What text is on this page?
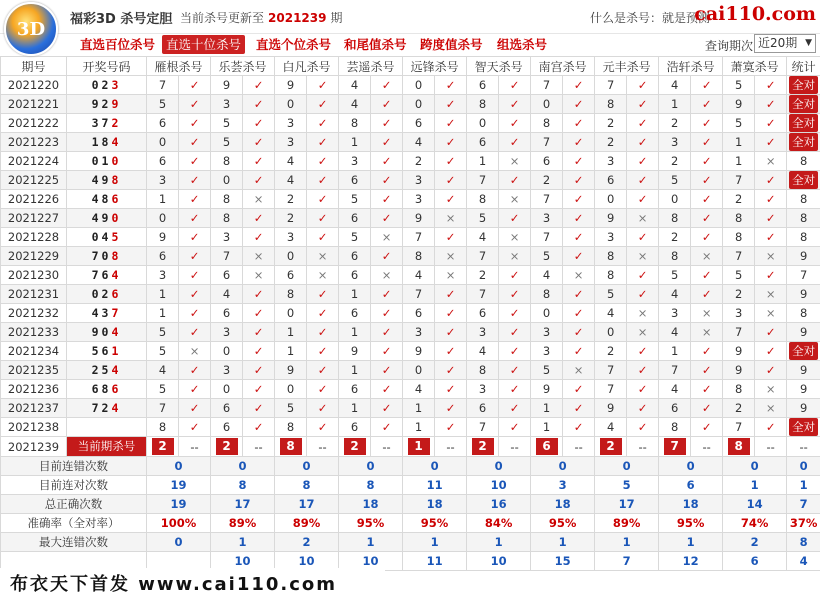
3D	福彩3D 杀号定胆 当前杀号更新至 2021239 期	什么是杀号：就是预测
cai110.com
直选百位杀号 直选十位杀号	直选个位杀号	和尾值杀号	跨度值杀号	组选杀号	查询期次 近20期 ▼
期号	开奖号码	雁根杀号		乐荟杀号		白凡杀号		芸遥杀号		远锋杀号		智天杀号		南宫杀号		元丰杀号		浩轩杀号		萧寞杀号		统计
2021220	023	7	✓	9	✓	9	✓	4	✓	0	✓	6	✓	7	✓	7	✓	4	✓	5	✓	全对
2021221	929	5	✓	3	✓	0	✓	4	✓	0	✓	8	✓	0	✓	8	✓	1	✓	9	✓	全对
2021222	372	6	✓	5	✓	3	✓	8	✓	6	✓	0	✓	8	✓	2	✓	2	✓	5	✓	全对
2021223	184	0	✓	5	✓	3	✓	1	✓	4	✓	6	✓	7	✓	2	✓	3	✓	1	✓	全对
2021224	010	6	✓	8	✓	4	✓	3	✓	2	✓	1	×	6	✓	3	✓	2	✓	1	×	8
2021225	498	3	✓	0	✓	4	✓	6	✓	3	✓	7	✓	2	✓	6	✓	5	✓	7	✓	全对
2021226	486	1	✓	8	×	2	✓	5	✓	3	✓	8	×	7	✓	0	✓	0	✓	2	✓	8
2021227	490	0	✓	8	✓	2	✓	6	✓	9	×	5	✓	3	✓	9	×	8	✓	8	✓	8
2021228	045	9	✓	3	✓	3	✓	5	×	7	✓	4	×	7	✓	3	✓	2	✓	8	✓	8
2021229	708	6	✓	7	×	0	×	6	✓	8	×	7	×	5	✓	8	×	8	×	7	×	9
2021230	764	3	✓	6	×	6	×	6	×	4	×	2	✓	4	×	8	✓	5	✓	5	✓	7
2021231	026	1	✓	4	✓	8	✓	1	✓	7	✓	7	✓	8	✓	5	✓	4	✓	2	×	9
2021232	437	1	✓	6	✓	0	✓	6	✓	6	✓	6	✓	0	✓	4	×	3	×	3	×	8
2021233	904	5	✓	3	✓	1	✓	1	✓	3	✓	3	✓	3	✓	0	×	4	×	7	✓	9
2021234	561	5	×	0	✓	1	✓	9	✓	9	✓	4	✓	3	✓	2	✓	1	✓	9	✓	全对
2021235	254	4	✓	3	✓	9	✓	1	✓	0	✓	8	✓	5	×	7	✓	7	✓	9	✓	9
2021236	686	5	✓	0	✓	0	✓	6	✓	4	✓	3	✓	9	✓	7	✓	4	✓	8	×	9
2021237	724	7	✓	6	✓	5	✓	1	✓	1	✓	6	✓	1	✓	9	✓	6	✓	2	×	9
2021238		8	✓	6	✓	8	✓	6	✓	1	✓	7	✓	1	✓	4	✓	8	✓	7	✓	全对
2021239	当前期杀号	2	--	2	--	8	--	2	--	1	--	2	--	6	--	2	--	7	--	8	--	--
目前连错次数		0		0		0		0		0		0		0		0		0		0		0
目前连对次数		19		8		8		8		11		10		3		5		6		1		1
总正确次数		19		17		17		18		18		16		18		17		18		14		7
准确率（全对率）		100%		89%		89%		95%		95%		84%		95%		89%		95%		74%		37%
最大连错次数		0		1		2		1		1		1		1		1		1		2		8
				10		10		10		11		10		15		7		12		6		4
布衣天下首发 www.cai110.com
